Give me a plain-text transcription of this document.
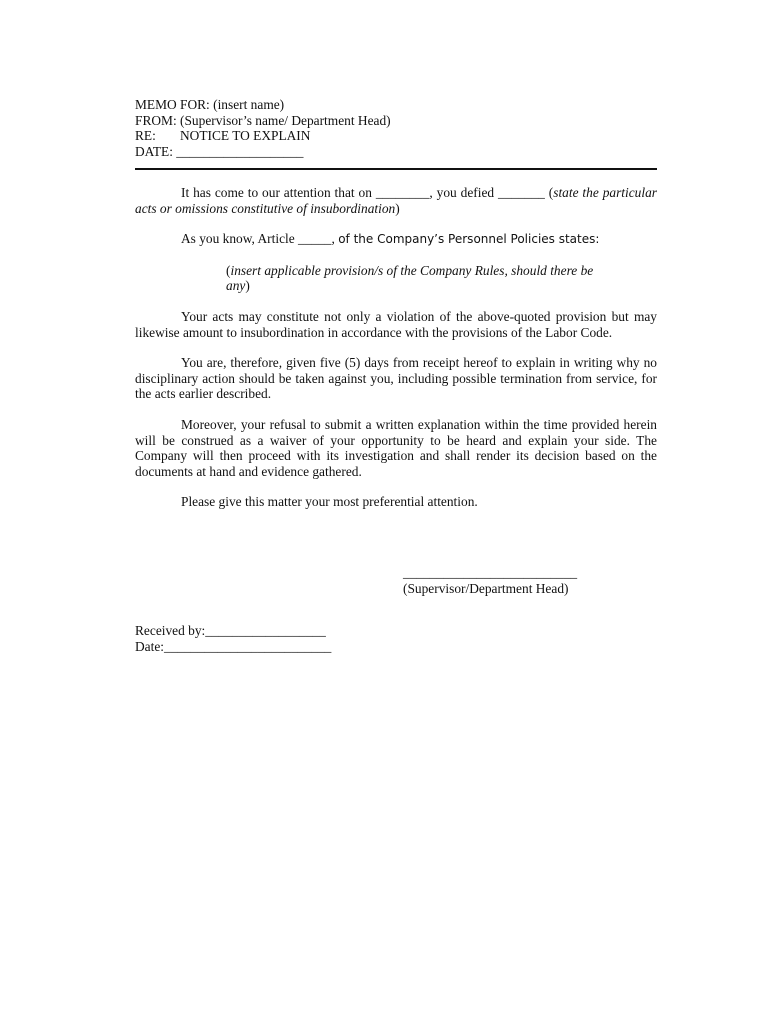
MEMO FOR: (insert name)
FROM: (Supervisor’s name/ Department Head)
RE: NOTICE TO EXPLAIN
DATE: ___________________

It has come to our attention that on ________, you defied _______ (state the particular acts or omissions constitutive of insubordination)

As you know, Article _____, of the Company’s Personnel Policies states:

(insert applicable provision/s of the Company Rules, should there be any)

Your acts may constitute not only a violation of the above-quoted provision but may likewise amount to insubordination in accordance with the provisions of the Labor Code.

You are, therefore, given five (5) days from receipt hereof to explain in writing why no disciplinary action should be taken against you, including possible termination from service, for the acts earlier described.

Moreover, your refusal to submit a written explanation within the time provided herein will be construed as a waiver of your opportunity to be heard and explain your side. The Company will then proceed with its investigation and shall render its decision based on the documents at hand and evidence gathered.

Please give this matter your most preferential attention.

__________________________
(Supervisor/Department Head)
Received by:__________________
Date:_________________________
